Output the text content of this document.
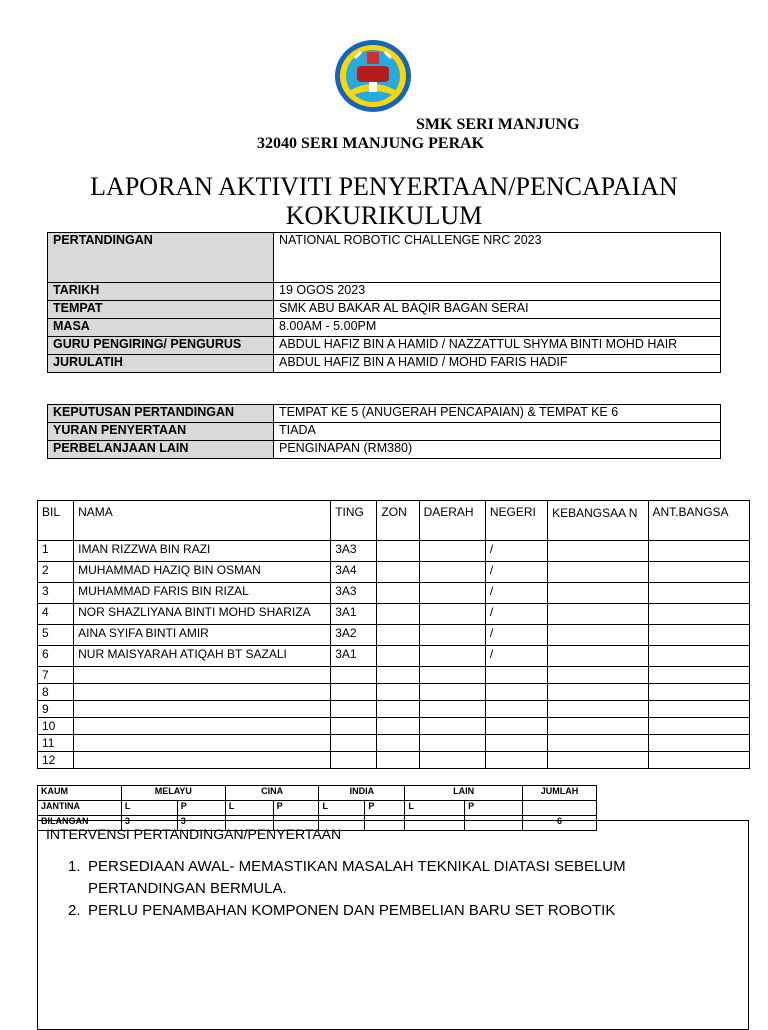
SMK SERI MANJUNG
32040 SERI MANJUNG PERAK
LAPORAN AKTIVITI PENYERTAAN/PENCAPAIAN
KOKURIKULUM
PERTANDINGAN	NATIONAL ROBOTIC CHALLENGE NRC 2023
TARIKH	19 OGOS 2023
TEMPAT	SMK ABU BAKAR AL BAQIR BAGAN SERAI
MASA	8.00AM - 5.00PM
GURU PENGIRING/ PENGURUS	ABDUL HAFIZ BIN A HAMID / NAZZATTUL SHYMA BINTI MOHD HAIR
JURULATIH	ABDUL HAFIZ BIN A HAMID / MOHD FARIS HADIF
KEPUTUSAN PERTANDINGAN	TEMPAT KE 5 (ANUGERAH PENCAPAIAN) & TEMPAT KE 6
YURAN PENYERTAAN	TIADA
PERBELANJAAN LAIN	PENGINAPAN (RM380)
BIL	NAMA	TING	ZON	DAERAH	NEGERI	KEBANGSAA N	ANT.BANGSA
1	IMAN RIZZWA BIN RAZI	3A3			/		
2	MUHAMMAD HAZIQ BIN OSMAN	3A4			/		
3	MUHAMMAD FARIS BIN RIZAL	3A3			/		
4	NOR SHAZLIYANA BINTI MOHD SHARIZA	3A1			/		
5	AINA SYIFA BINTI AMIR	3A2			/		
6	NUR MAISYARAH ATIQAH BT SAZALI	3A1			/		
7							
8							
9							
10							
11							
12							
KAUM	MELAYU		CINA		INDIA		LAIN		JUMLAH
JANTINA	L	P	L	P	L	P	L	P	
BILANGAN	3	3							6
INTERVENSI PERTANDINGAN/PENYERTAAN
1. PERSEDIAAN AWAL- MEMASTIKAN MASALAH TEKNIKAL DIATASI SEBELUM
PERTANDINGAN BERMULA.
2. PERLU PENAMBAHAN KOMPONEN DAN PEMBELIAN BARU SET ROBOTIK
